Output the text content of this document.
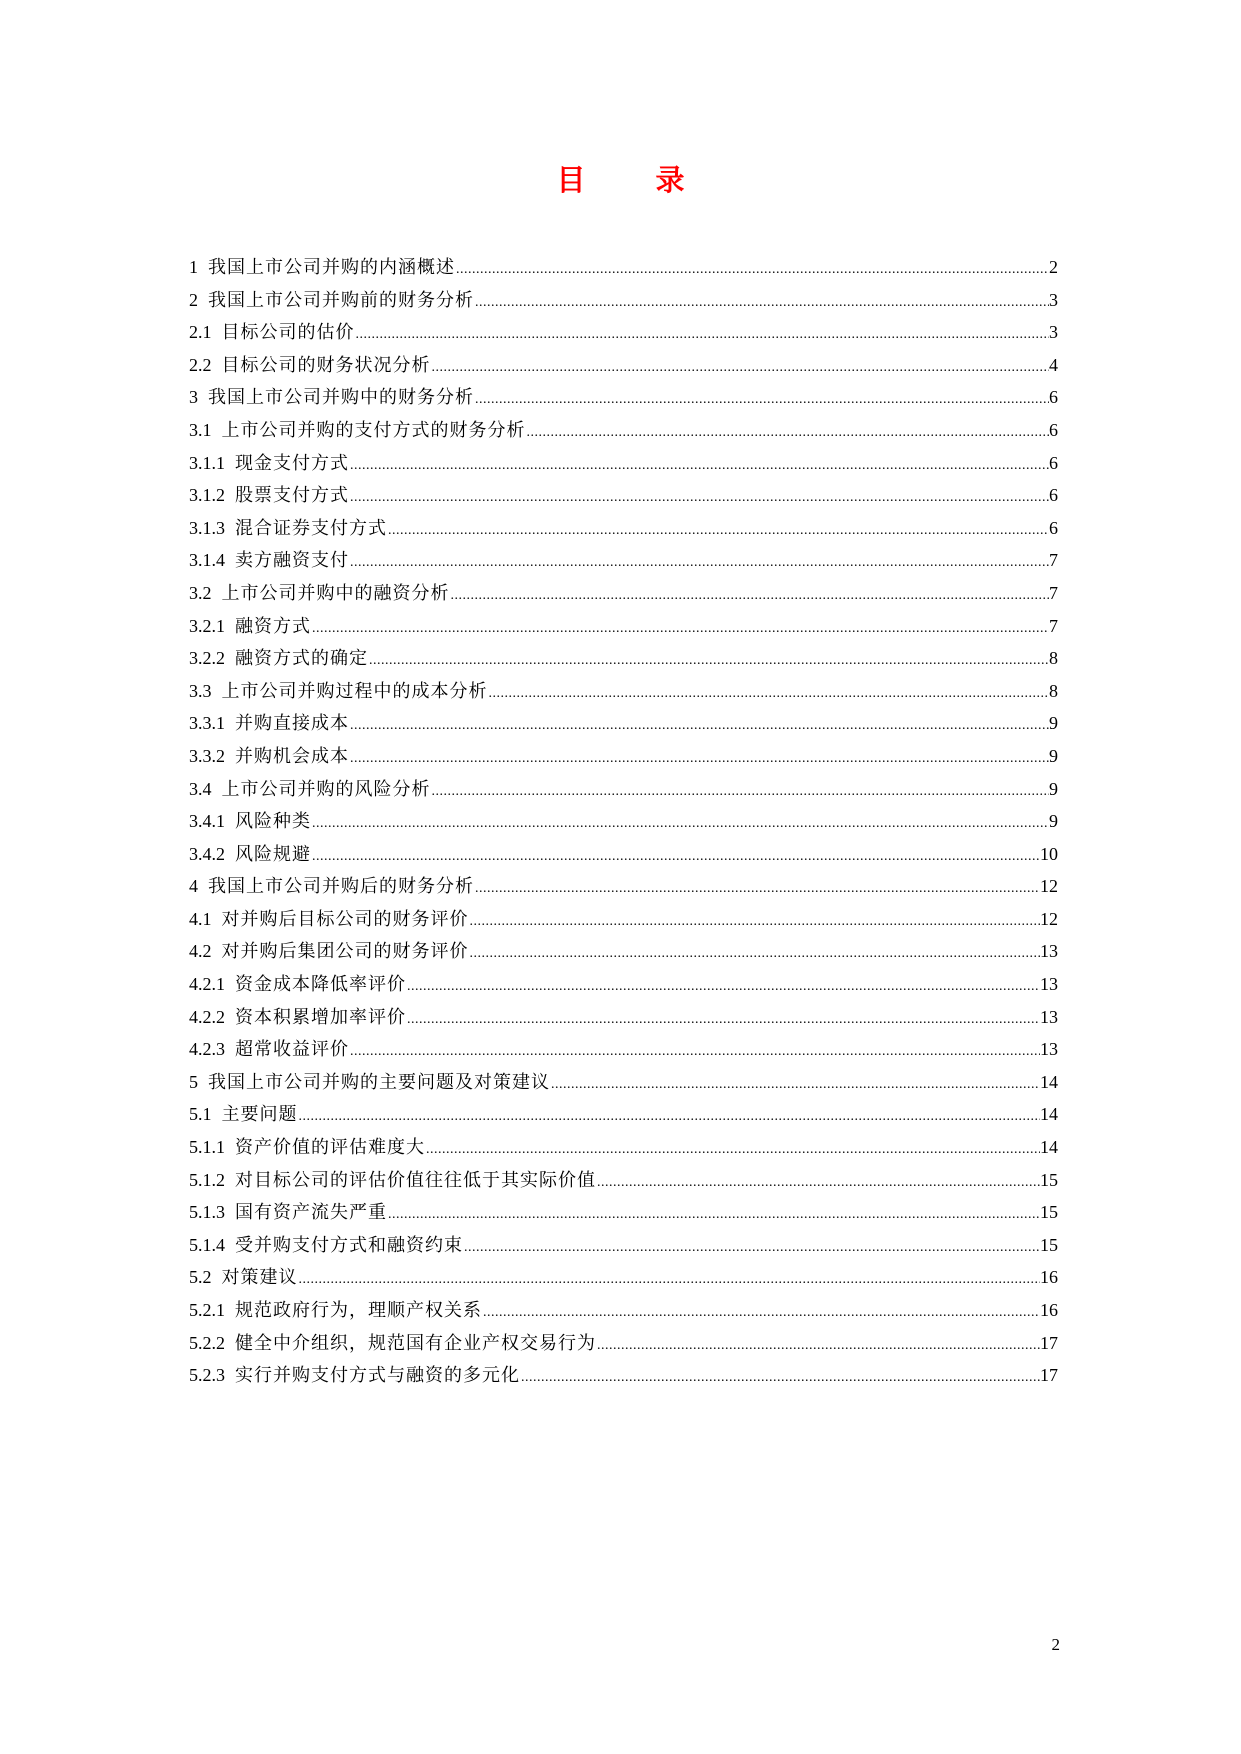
目 录
1 我国上市公司并购的内涵概述 .....	2
2 我国上市公司并购前的财务分析 .....	3
2.1 目标公司的估价 .....	3
2.2 目标公司的财务状况分析 .....	4
3 我国上市公司并购中的财务分析 .....	6
3.1 上市公司并购的支付方式的财务分析 .....	6
3.1.1 现金支付方式 .....	6
3.1.2 股票支付方式 .....	6
3.1.3 混合证券支付方式 .....	6
3.1.4 卖方融资支付 .....	7
3.2 上市公司并购中的融资分析 .....	7
3.2.1 融资方式 .....	7
3.2.2 融资方式的确定 .....	8
3.3 上市公司并购过程中的成本分析 .....	8
3.3.1 并购直接成本 .....	9
3.3.2 并购机会成本 .....	9
3.4 上市公司并购的风险分析 .....	9
3.4.1 风险种类 .....	9
3.4.2 风险规避 .....	10
4 我国上市公司并购后的财务分析 .....	12
4.1 对并购后目标公司的财务评价 .....	12
4.2 对并购后集团公司的财务评价 .....	13
4.2.1 资金成本降低率评价 .....	13
4.2.2 资本积累增加率评价 .....	13
4.2.3 超常收益评价 .....	13
5 我国上市公司并购的主要问题及对策建议 .....	14
5.1 主要问题 .....	14
5.1.1 资产价值的评估难度大 .....	14
5.1.2 对目标公司的评估价值往往低于其实际价值 .....	15
5.1.3 国有资产流失严重 .....	15
5.1.4 受并购支付方式和融资约束 .....	15
5.2 对策建议 .....	16
5.2.1 规范政府行为，理顺产权关系 .....	16
5.2.2 健全中介组织，规范国有企业产权交易行为 .....	17
5.2.3 实行并购支付方式与融资的多元化 .....	17
2
